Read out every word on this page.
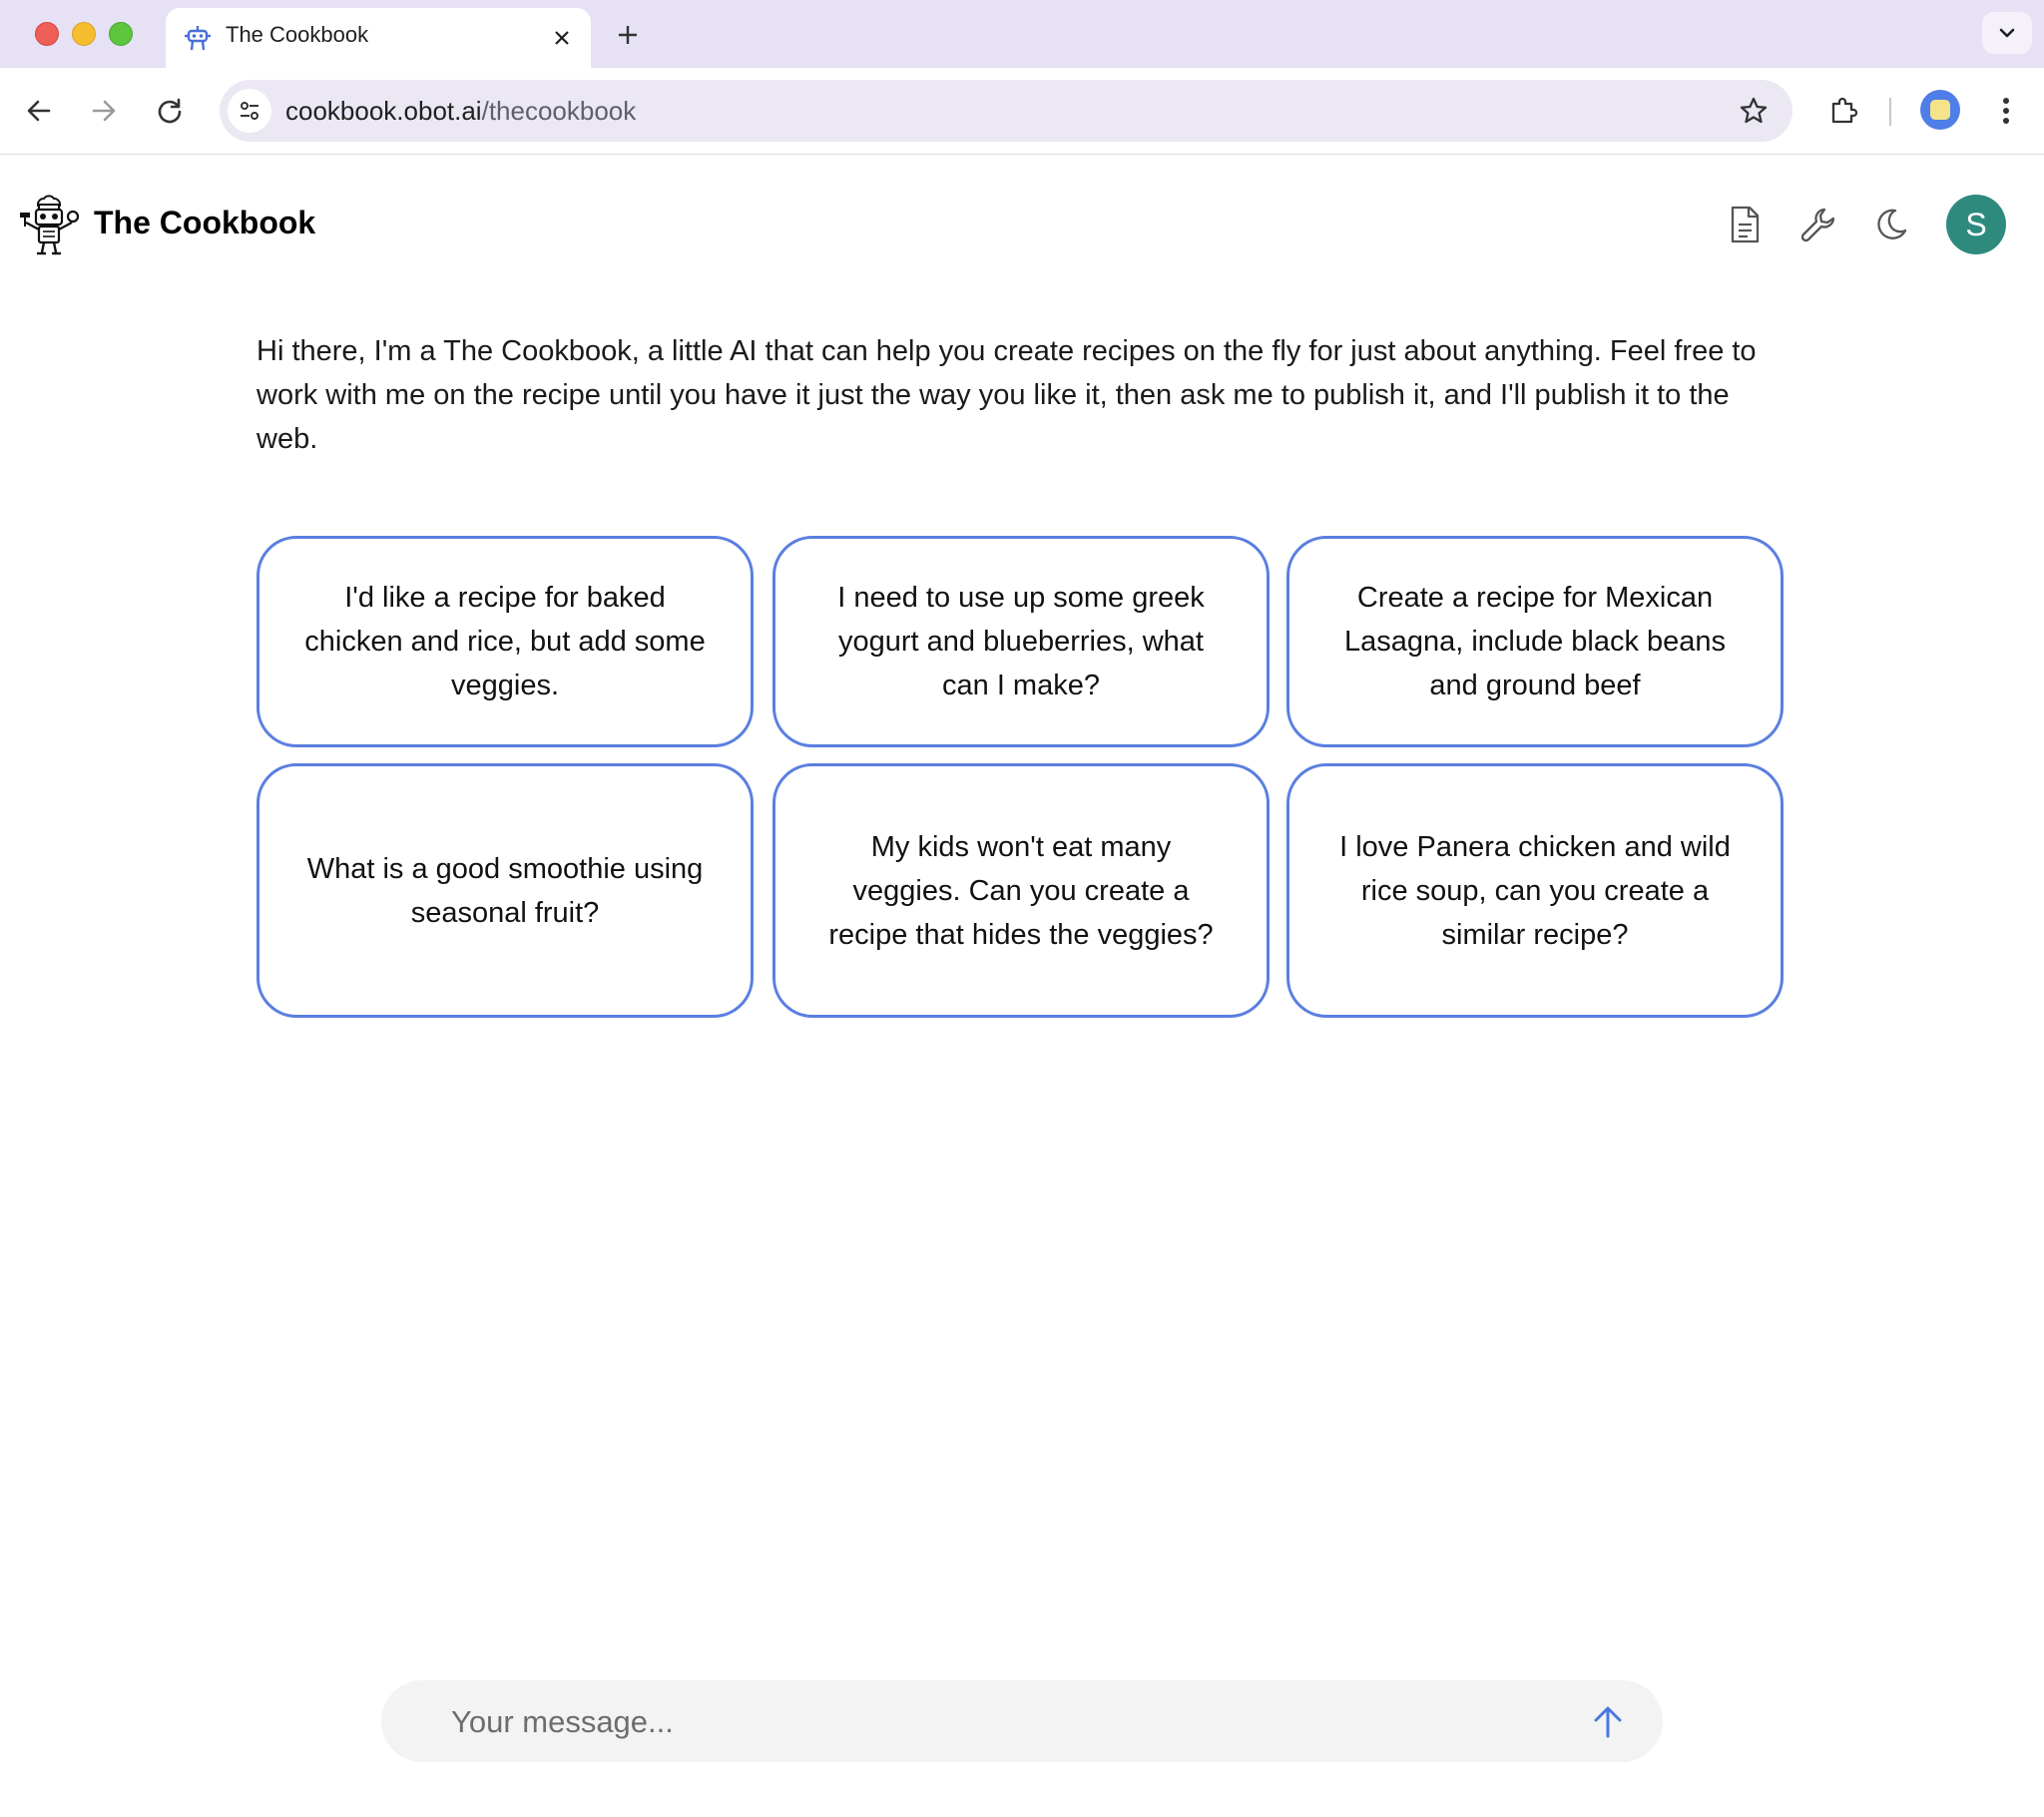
The Cookbook
cookbook.obot.ai/thecookbook
The Cookbook	S
Hi there, I'm a The Cookbook, a little AI that can help you create recipes on the fly for just about anything. Feel free to work with me on the recipe until you have it just the way you like it, then ask me to publish it, and I'll publish it to the web.
I'd like a recipe for baked chicken and rice, but add some veggies.
I need to use up some greek yogurt and blueberries, what can I make?
Create a recipe for Mexican Lasagna, include black beans and ground beef
What is a good smoothie using seasonal fruit?
My kids won't eat many veggies. Can you create a recipe that hides the veggies?
I love Panera chicken and wild rice soup, can you create a similar recipe?
Your message...
